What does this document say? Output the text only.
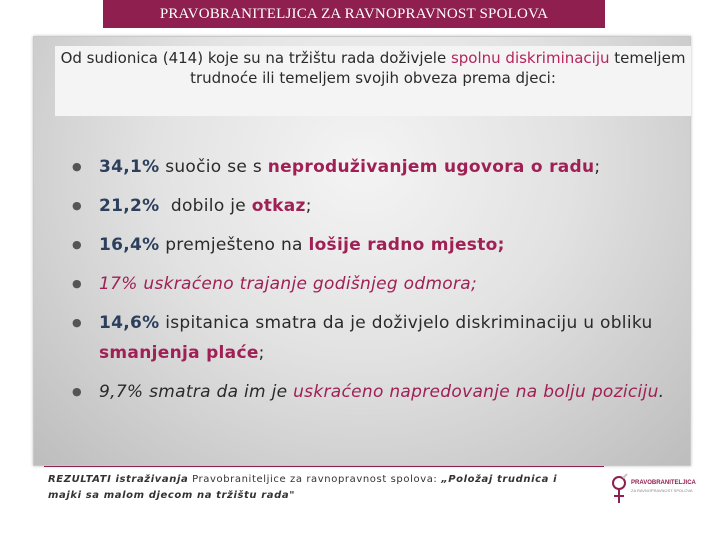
PRAVOBRANITELJICA ZA RAVNOPRAVNOST SPOLOVA
Od sudionica (414) koje su na tržištu rada doživjele spolnu diskriminaciju temeljem trudnoće ili temeljem svojih obveza prema djeci:
● 34,1% suočio se s neproduživanjem ugovora o radu;
● 21,2%  dobilo je otkaz;
● 16,4% premješteno na lošije radno mjesto;
● 17% uskraćeno trajanje godišnjeg odmora;
● 14,6% ispitanica smatra da je doživjelo diskriminaciju u obliku smanjenja plaće;
● 9,7% smatra da im je uskraćeno napredovanje na bolju poziciju.
REZULTATI istraživanja Pravobraniteljice za ravnopravnost spolova: „Položaj trudnica i majki sa malom djecom na tržištu rada"
PRAVOBRANITELJICA
ZA RAVNOPRAVNOST SPOLOVA
